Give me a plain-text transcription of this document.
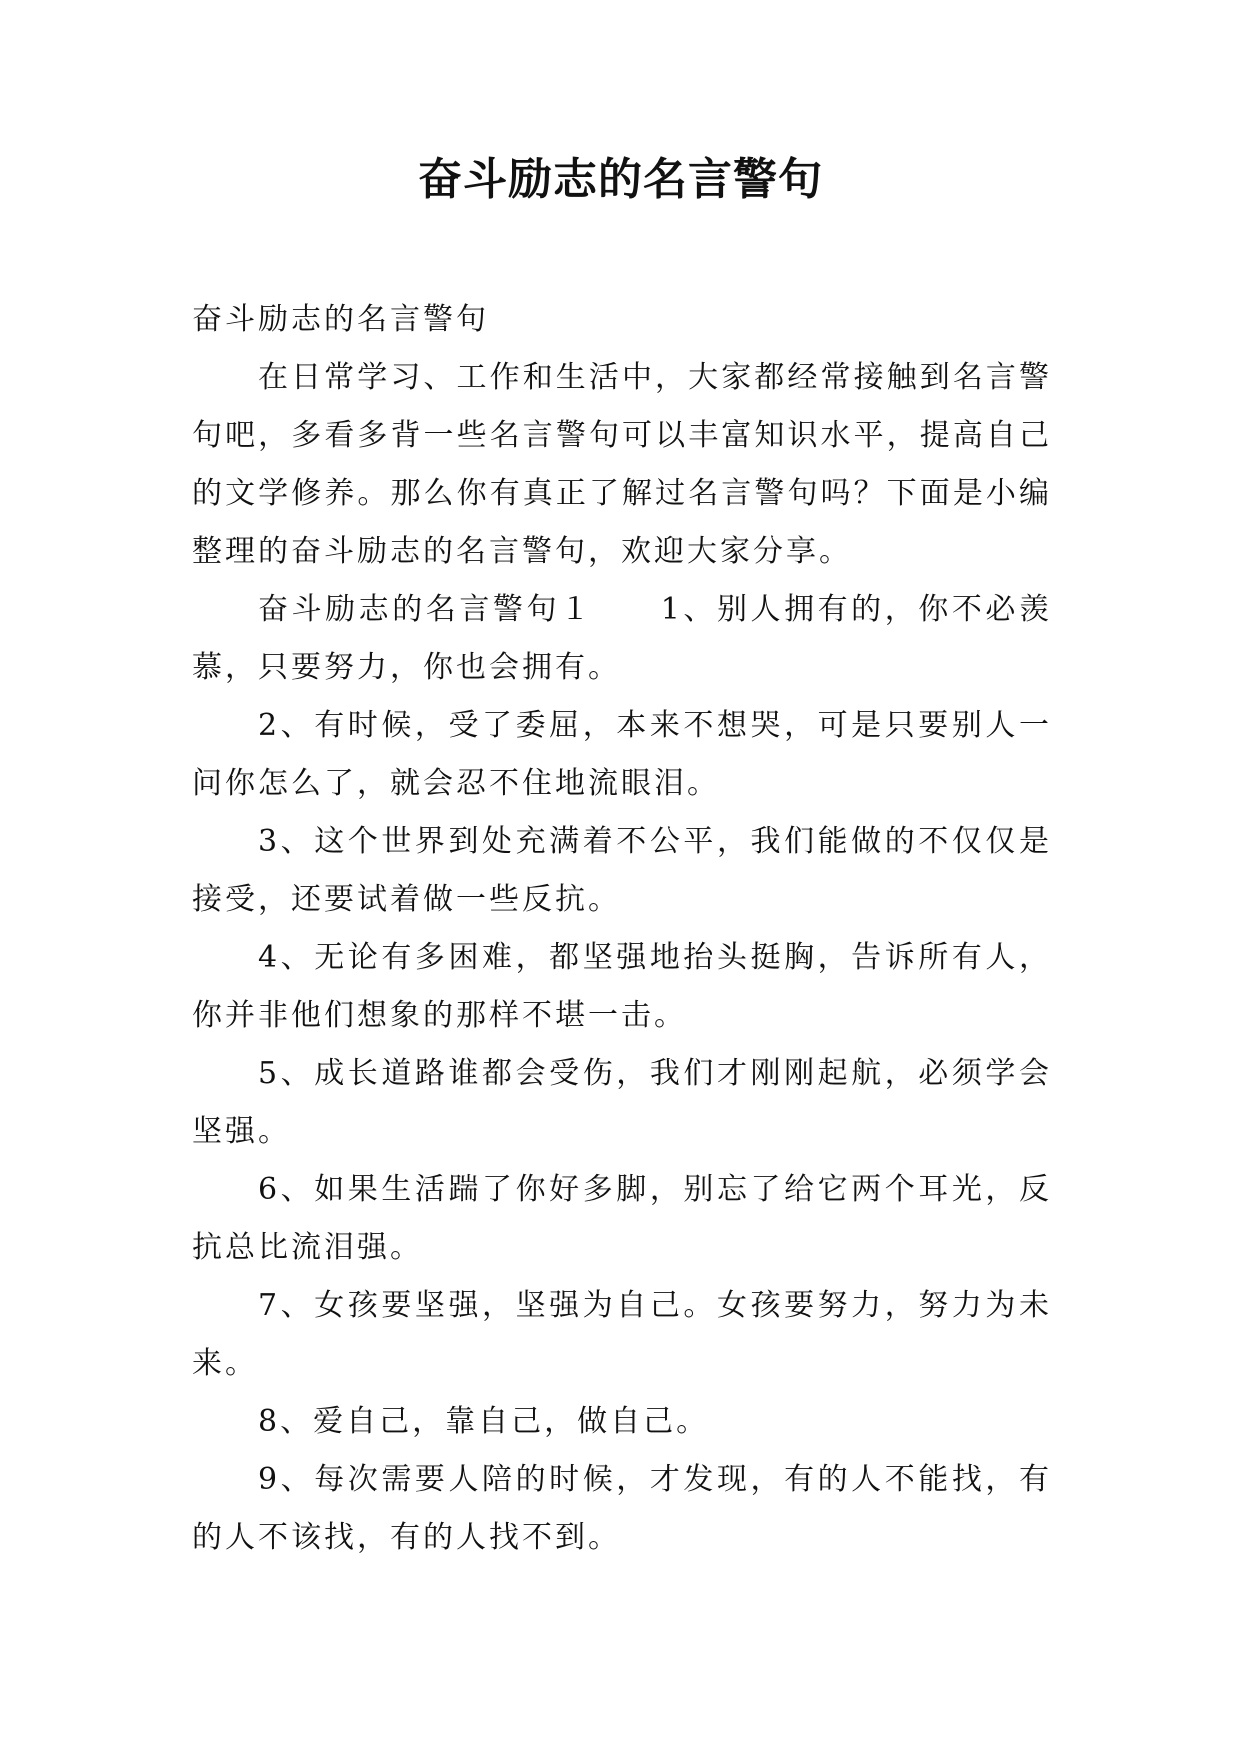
奋斗励志的名言警句

奋斗励志的名言警句

在日常学习、工作和生活中，大家都经常接触到名言警句吧，多看多背一些名言警句可以丰富知识水平，提高自己的文学修养。那么你有真正了解过名言警句吗？下面是小编整理的奋斗励志的名言警句，欢迎大家分享。

奋斗励志的名言警句１　　1、别人拥有的，你不必羡慕，只要努力，你也会拥有。

2、有时候，受了委屈，本来不想哭，可是只要别人一问你怎么了，就会忍不住地流眼泪。

3、这个世界到处充满着不公平，我们能做的不仅仅是接受，还要试着做一些反抗。

4、无论有多困难，都坚强地抬头挺胸，告诉所有人，你并非他们想象的那样不堪一击。

5、成长道路谁都会受伤，我们才刚刚起航，必须学会坚强。

6、如果生活踹了你好多脚，别忘了给它两个耳光，反抗总比流泪强。

7、女孩要坚强，坚强为自己。女孩要努力，努力为未来。

8、爱自己，靠自己，做自己。

9、每次需要人陪的时候，才发现，有的人不能找，有的人不该找，有的人找不到。
